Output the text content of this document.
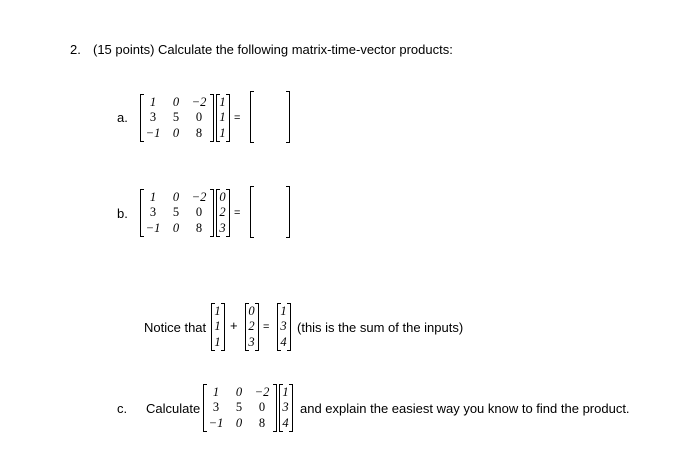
2. (15 points) Calculate the following matrix-time-vector products:
a.
1	0	−2
3	5	0
−1	0	8
1
1
1
=
b.
1	0	−2
3	5	0
−1	0	8
0
2
3
=
Notice that
1
1
1
+
0
2
3
=
1
3
4
(this is the sum of the inputs)
c. Calculate
1	0	−2
3	5	0
−1	0	8
1
3
4
and explain the easiest way you know to find the product.
